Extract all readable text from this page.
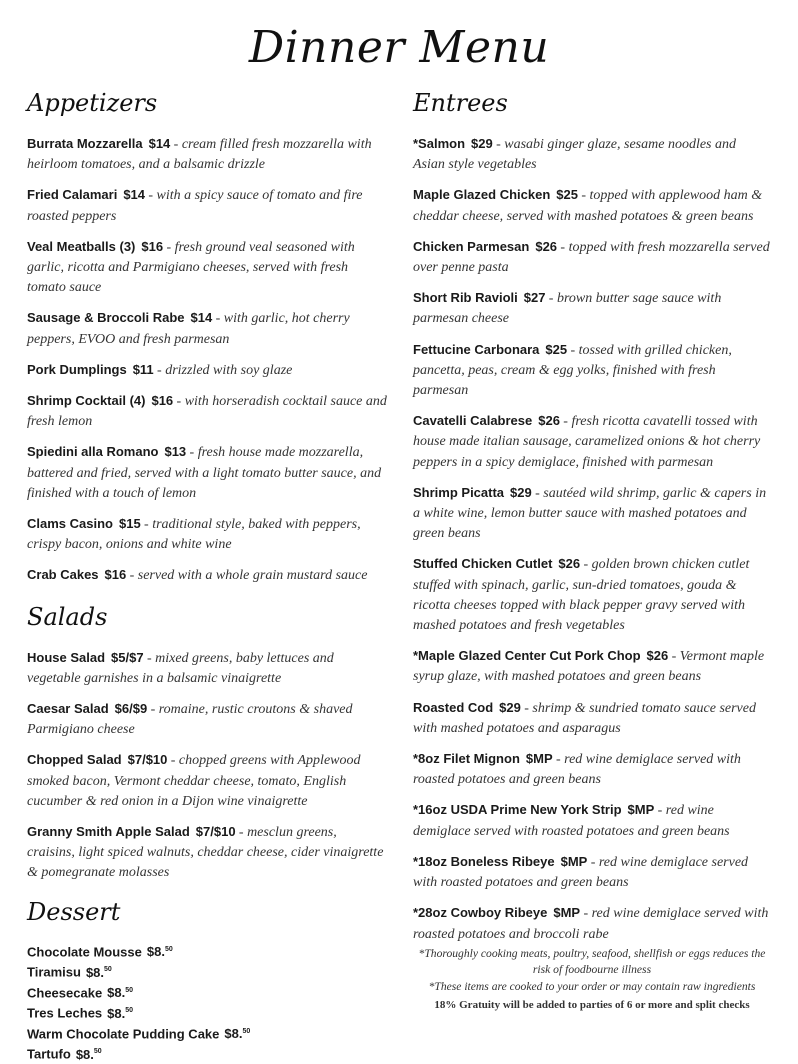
Dinner Menu
Appetizers
Burrata Mozzarella $14 - cream filled fresh mozzarella with heirloom tomatoes, and a balsamic drizzle
Fried Calamari $14 - with a spicy sauce of tomato and fire roasted peppers
Veal Meatballs (3) $16 - fresh ground veal seasoned with garlic, ricotta and Parmigiano cheeses, served with fresh tomato sauce
Sausage & Broccoli Rabe $14 - with garlic, hot cherry peppers, EVOO and fresh parmesan
Pork Dumplings $11 - drizzled with soy glaze
Shrimp Cocktail (4) $16 - with horseradish cocktail sauce and fresh lemon
Spiedini alla Romano $13 - fresh house made mozzarella, battered and fried, served with a light tomato butter sauce, and finished with a touch of lemon
Clams Casino $15 - traditional style, baked with peppers, crispy bacon, onions and white wine
Crab Cakes $16 - served with a whole grain mustard sauce
Salads
House Salad $5/$7 - mixed greens, baby lettuces and vegetable garnishes in a balsamic vinaigrette
Caesar Salad $6/$9 - romaine, rustic croutons & shaved Parmigiano cheese
Chopped Salad $7/$10 - chopped greens with Applewood smoked bacon, Vermont cheddar cheese, tomato, English cucumber & red onion in a Dijon wine vinaigrette
Granny Smith Apple Salad $7/$10 - mesclun greens, craisins, light spiced walnuts, cheddar cheese, cider vinaigrette & pomegranate molasses
Dessert
Chocolate Mousse $8.50
Tiramisu $8.50
Cheesecake $8.50
Tres Leches $8.50
Warm Chocolate Pudding Cake $8.50
Tartufo $8.50
Entrees
*Salmon $29 - wasabi ginger glaze, sesame noodles and Asian style vegetables
Maple Glazed Chicken $25 - topped with applewood ham & cheddar cheese, served with mashed potatoes & green beans
Chicken Parmesan $26 - topped with fresh mozzarella served over penne pasta
Short Rib Ravioli $27 - brown butter sage sauce with parmesan cheese
Fettucine Carbonara $25 - tossed with grilled chicken, pancetta, peas, cream & egg yolks, finished with fresh parmesan
Cavatelli Calabrese $26 - fresh ricotta cavatelli tossed with house made italian sausage, caramelized onions & hot cherry peppers in a spicy demiglace, finished with parmesan
Shrimp Picatta $29 - sautéed wild shrimp, garlic & capers in a white wine, lemon butter sauce with mashed potatoes and green beans
Stuffed Chicken Cutlet $26 - golden brown chicken cutlet stuffed with spinach, garlic, sun-dried tomatoes, gouda & ricotta cheeses topped with black pepper gravy served with mashed potatoes and fresh vegetables
*Maple Glazed Center Cut Pork Chop $26 - Vermont maple syrup glaze, with mashed potatoes and green beans
Roasted Cod $29 - shrimp & sundried tomato sauce served with mashed potatoes and asparagus
*8oz Filet Mignon $MP - red wine demiglace served with roasted potatoes and green beans
*16oz USDA Prime New York Strip $MP - red wine demiglace served with roasted potatoes and green beans
*18oz Boneless Ribeye $MP - red wine demiglace served with roasted potatoes and green beans
*28oz Cowboy Ribeye $MP - red wine demiglace served with roasted potatoes and broccoli rabe
*Thoroughly cooking meats, poultry, seafood, shellfish or eggs reduces the risk of foodbourne illness
*These items are cooked to your order or may contain raw ingredients
18% Gratuity will be added to parties of 6 or more and split checks
